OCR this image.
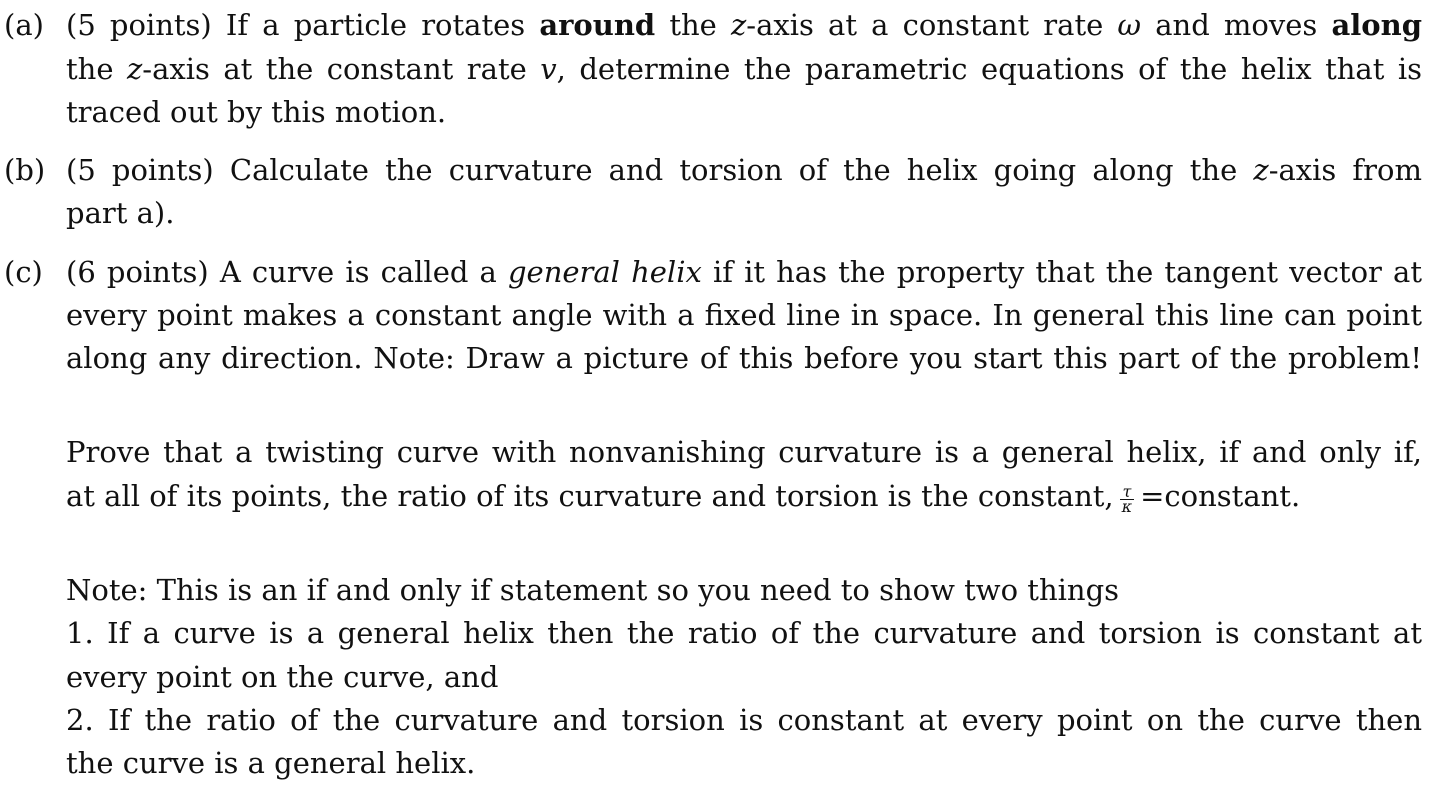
(a) (5 points) If a particle rotates around the z-axis at a constant rate ω and moves along
the z-axis at the constant rate v, determine the parametric equations of the helix that is
traced out by this motion.
(b) (5 points) Calculate the curvature and torsion of the helix going along the z-axis from
part a).
(c) (6 points) A curve is called a general helix if it has the property that the tangent vector at
every point makes a constant angle with a fixed line in space. In general this line can point
along any direction. Note: Draw a picture of this before you start this part of the problem!
Prove that a twisting curve with nonvanishing curvature is a general helix, if and only if,
at all of its points, the ratio of its curvature and torsion is the constant, $\frac{\tau}{\kappa}$ =constant.
Note: This is an if and only if statement so you need to show two things
1. If a curve is a general helix then the ratio of the curvature and torsion is constant at
every point on the curve, and
2. If the ratio of the curvature and torsion is constant at every point on the curve then
the curve is a general helix.
